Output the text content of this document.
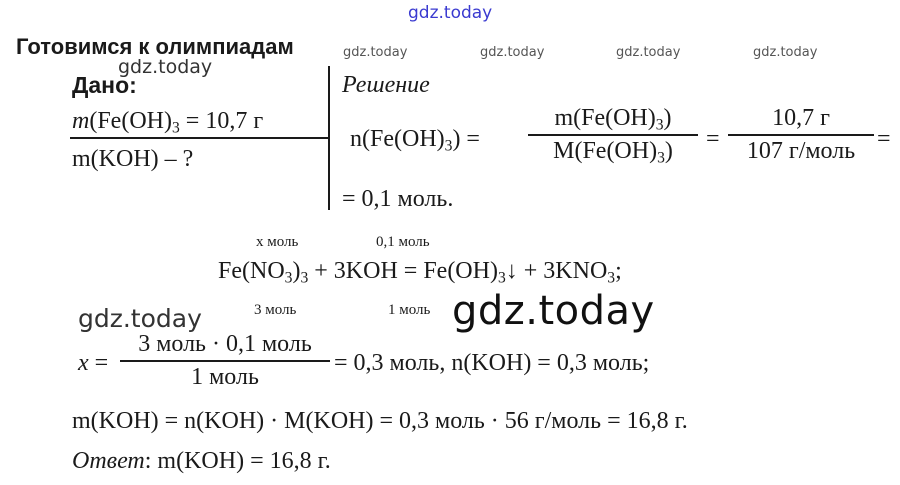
gdz.today
gdz.today	gdz.today	gdz.today	gdz.today
gdz.today
gdz.today	gdz.today
Готовимся к олимпиадам
Дано:
$m(Fe(OH)_3 = 10,7$ г
m(KOH) – ?
Решение
$n(Fe(OH)_3)$ =
$m(Fe(OH)_3)$
$M(Fe(OH)_3)$	=
10,7 г
107 г/моль =
= 0,1 моль.
x моль	0,1 моль
$Fe(NO_3)_3 + 3KOH$ = $Fe(OH)_3↓ + 3KNO_3$;
3 моль	1 моль
x =
3 моль · 0,1 моль
1 моль
= 0,3 моль, n(KOH) = 0,3 моль;
m(KOH) = n(KOH) · M(KOH) = 0,3 моль · 56 г/моль = 16,8 г.
Ответ: m(KOH) = 16,8 г.
